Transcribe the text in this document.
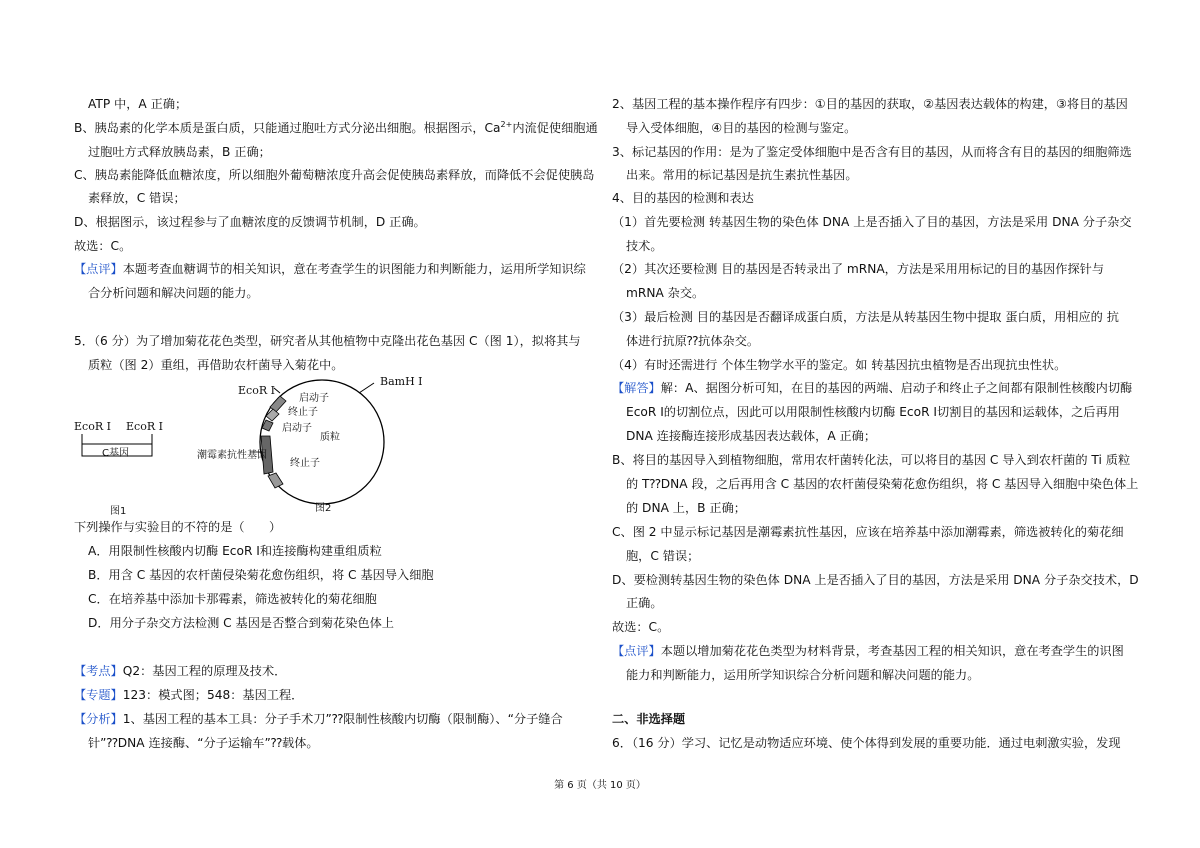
ATP 中，A 正确；
B、胰岛素的化学本质是蛋白质，只能通过胞吐方式分泌出细胞。根据图示，$Ca^{2+}$内流促使细胞通
过胞吐方式释放胰岛素，B 正确；
C、胰岛素能降低血糖浓度，所以细胞外葡萄糖浓度升高会促使胰岛素释放，而降低不会促使胰岛
素释放，C 错误；
D、根据图示，该过程参与了血糖浓度的反馈调节机制，D 正确。
故选：C。
【点评】本题考查血糖调节的相关知识，意在考查学生的识图能力和判断能力，运用所学知识综
合分析问题和解决问题的能力。
5．（6 分）为了增加菊花花色类型，研究者从其他植物中克隆出花色基因 C（图 1），拟将其与
质粒（图 2）重组，再借助农杆菌导入菊花中。
EcoR Ⅰ EcoR Ⅰ
C基因
图1
EcoR Ⅰ
BamH Ⅰ
启动子
终止子
启动子
质粒
潮霉素抗性基因
终止子
图2
下列操作与实验目的不符的是（　　）
A．用限制性核酸内切酶 EcoR Ⅰ和连接酶构建重组质粒
B．用含 C 基因的农杆菌侵染菊花愈伤组织，将 C 基因导入细胞
C．在培养基中添加卡那霉素，筛选被转化的菊花细胞
D．用分子杂交方法检测 C 基因是否整合到菊花染色体上
【考点】Q2：基因工程的原理及技术．
【专题】123：模式图；548：基因工程．
【分析】1、基因工程的基本工具：分子手术刀”⁇限制性核酸内切酶（限制酶）、“分子缝合
针”⁇DNA 连接酶、“分子运输车”⁇载体。
2、基因工程的基本操作程序有四步：①目的基因的获取，②基因表达载体的构建，③将目的基因
导入受体细胞，④目的基因的检测与鉴定。
3、标记基因的作用：是为了鉴定受体细胞中是否含有目的基因，从而将含有目的基因的细胞筛选
出来。常用的标记基因是抗生素抗性基因。
4、目的基因的检测和表达
（1）首先要检测 转基因生物的染色体 DNA 上是否插入了目的基因，方法是采用 DNA 分子杂交
技术。
（2）其次还要检测 目的基因是否转录出了 mRNA，方法是采用用标记的目的基因作探针与
mRNA 杂交。
（3）最后检测 目的基因是否翻译成蛋白质，方法是从转基因生物中提取 蛋白质，用相应的 抗
体进行抗原⁇抗体杂交。
（4）有时还需进行 个体生物学水平的鉴定。如 转基因抗虫植物是否出现抗虫性状。
【解答】解：A、据图分析可知，在目的基因的两端、启动子和终止子之间都有限制性核酸内切酶
EcoR Ⅰ的切割位点，因此可以用限制性核酸内切酶 EcoR Ⅰ切割目的基因和运载体，之后再用
DNA 连接酶连接形成基因表达载体，A 正确；
B、将目的基因导入到植物细胞，常用农杆菌转化法，可以将目的基因 C 导入到农杆菌的 Ti 质粒
的 T⁇DNA 段，之后再用含 C 基因的农杆菌侵染菊花愈伤组织，将 C 基因导入细胞中染色体上
的 DNA 上，B 正确；
C、图 2 中显示标记基因是潮霉素抗性基因，应该在培养基中添加潮霉素，筛选被转化的菊花细
胞，C 错误；
D、要检测转基因生物的染色体 DNA 上是否插入了目的基因，方法是采用 DNA 分子杂交技术，D
正确。
故选：C。
【点评】本题以增加菊花花色类型为材料背景，考查基因工程的相关知识，意在考查学生的识图
能力和判断能力，运用所学知识综合分析问题和解决问题的能力。
二、非选择题
6．（16 分）学习、记忆是动物适应环境、使个体得到发展的重要功能．通过电刺激实验，发现
第 6 页（共 10 页）
